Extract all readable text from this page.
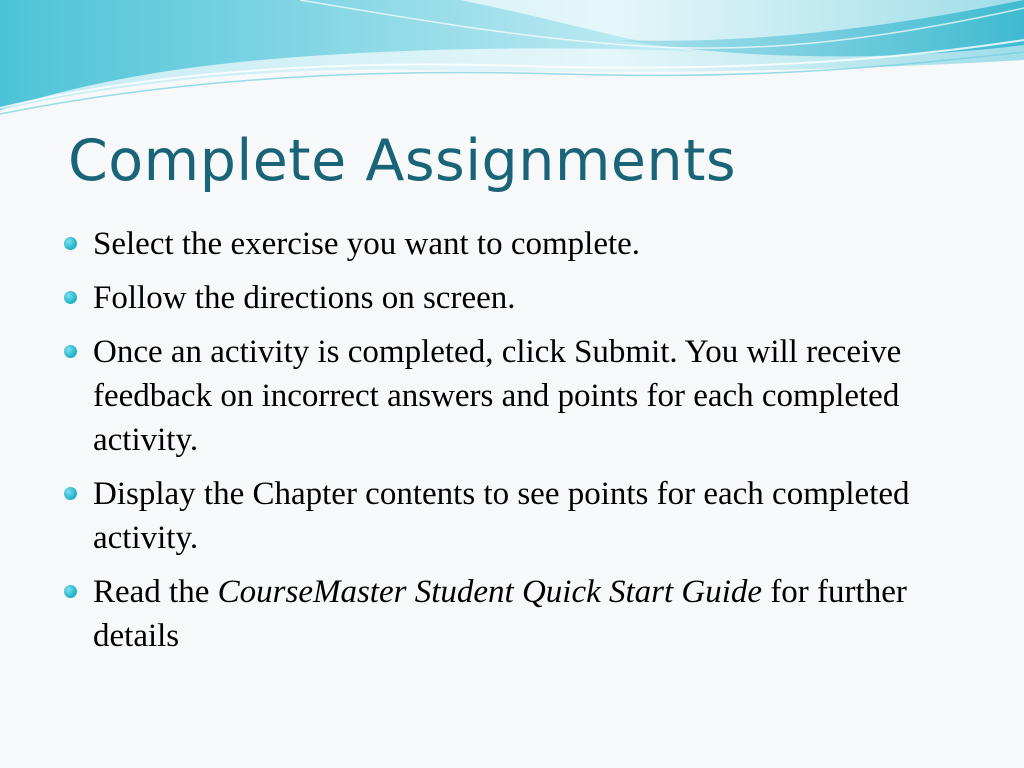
Complete Assignments
Select the exercise you want to complete.
Follow the directions on screen.
Once an activity is completed, click Submit. You will receive feedback on incorrect answers and points for each completed activity.
Display the Chapter contents to see points for each completed activity.
Read the CourseMaster Student Quick Start Guide for further details
